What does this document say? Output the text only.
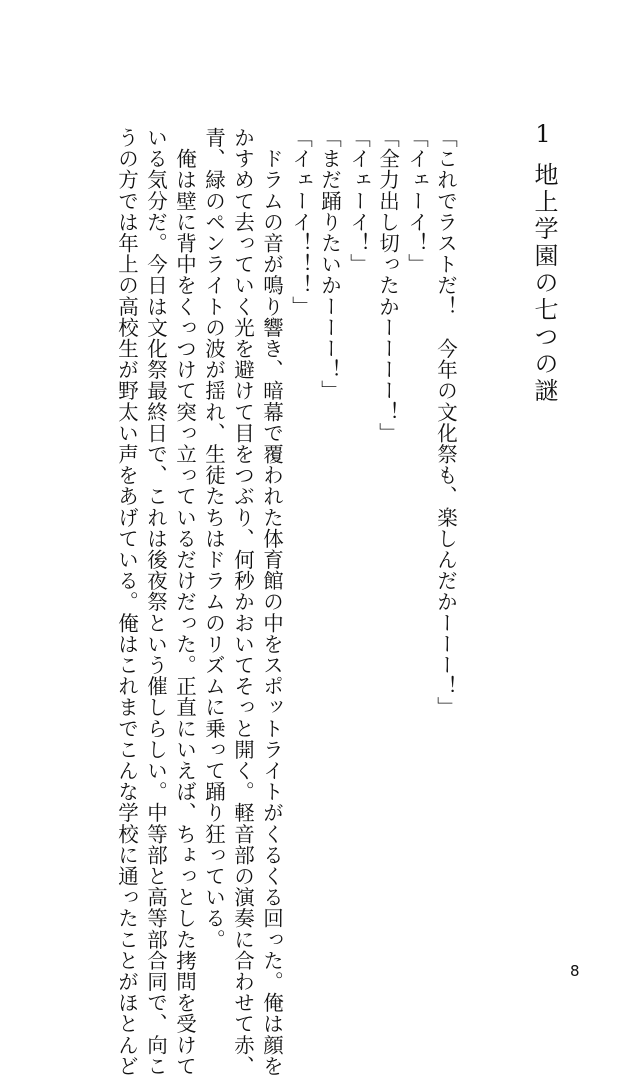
1
地上学園の七つの謎
「これでラストだ！　今年の文化祭も、楽しんだかーーー！」
「イェーイ！」
「全力出し切ったかーーーー！」
「イェーイ！」
「まだ踊りたいかーーー！」
「イェーイ！！！」
　ドラムの音が鳴り響き、暗幕で覆われた体育館の中をスポットライトがくるくる回った。俺は顔を
かすめて去っていく光を避けて目をつぶり、何秒かおいてそっと開く。軽音部の演奏に合わせて赤、
青、緑のペンライトの波が揺れ、生徒たちはドラムのリズムに乗って踊り狂っている。
　俺は壁に背中をくっつけて突っ立っているだけだった。正直にいえば、ちょっとした拷問を受けて
いる気分だ。今日は文化祭最終日で、これは後夜祭という催しらしい。中等部と高等部合同で、向こ
うの方では年上の高校生が野太い声をあげている。俺はこれまでこんな学校に通ったことがほとんど	8
